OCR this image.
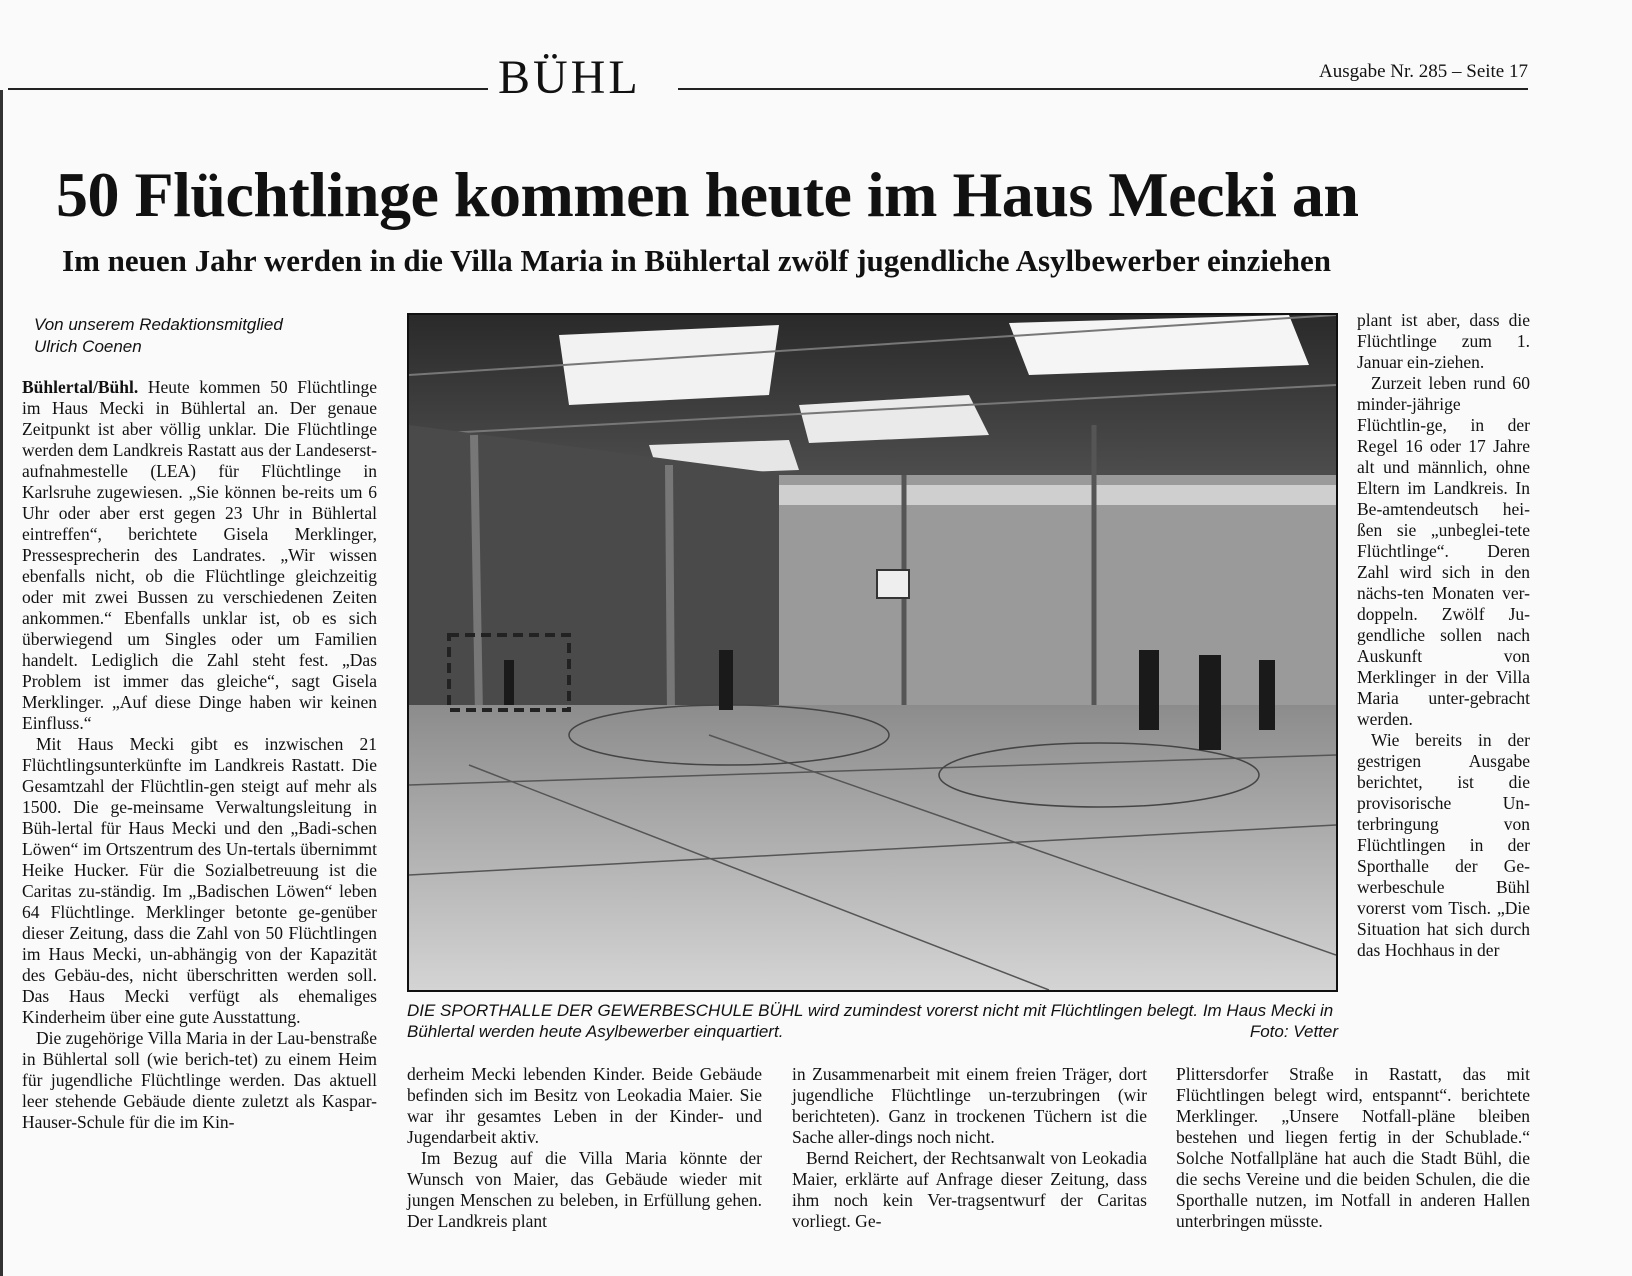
BÜHL	Ausgabe Nr. 285 – Seite 17
50 Flüchtlinge kommen heute im Haus Mecki an
Im neuen Jahr werden in die Villa Maria in Bühlertal zwölf jugendliche Asylbewerber einziehen
Von unserem Redaktionsmitglied
Ulrich Coenen

Bühlertal/Bühl. Heute kommen 50 Flüchtlinge im Haus Mecki in Bühlertal an. Der genaue Zeitpunkt ist aber völlig unklar. Die Flüchtlinge werden dem Landkreis Rastatt aus der Landeserst-aufnahmestelle (LEA) für Flüchtlinge in Karlsruhe zugewiesen. „Sie können be-reits um 6 Uhr oder aber erst gegen 23 Uhr in Bühlertal eintreffen“, berichtete Gisela Merklinger, Pressesprecherin des Landrates. „Wir wissen ebenfalls nicht, ob die Flüchtlinge gleichzeitig oder mit zwei Bussen zu verschiedenen Zeiten ankommen.“ Ebenfalls unklar ist, ob es sich überwiegend um Singles oder um Familien handelt. Lediglich die Zahl steht fest. „Das Problem ist immer das gleiche“, sagt Gisela Merklinger. „Auf diese Dinge haben wir keinen Einfluss.“

Mit Haus Mecki gibt es inzwischen 21 Flüchtlingsunterkünfte im Landkreis Rastatt. Die Gesamtzahl der Flüchtlin-gen steigt auf mehr als 1500. Die ge-meinsame Verwaltungsleitung in Büh-lertal für Haus Mecki und den „Badi-schen Löwen“ im Ortszentrum des Un-tertals übernimmt Heike Hucker. Für die Sozialbetreuung ist die Caritas zu-ständig. Im „Badischen Löwen“ leben 64 Flüchtlinge. Merklinger betonte ge-genüber dieser Zeitung, dass die Zahl von 50 Flüchtlingen im Haus Mecki, un-abhängig von der Kapazität des Gebäu-des, nicht überschritten werden soll. Das Haus Mecki verfügt als ehemaliges Kinderheim über eine gute Ausstattung.

Die zugehörige Villa Maria in der Lau-benstraße in Bühlertal soll (wie berich-tet) zu einem Heim für jugendliche Flüchtlinge werden. Das aktuell leer stehende Gebäude diente zuletzt als Kaspar-Hauser-Schule für die im Kin-

DIE SPORTHALLE DER GEWERBESCHULE BÜHL wird zumindest vorerst nicht mit Flüchtlingen belegt. Im Haus Mecki in Bühlertal werden heute Asylbewerber einquartiert.	Foto: Vetter

plant ist aber, dass die Flüchtlinge zum 1. Januar ein-ziehen.

Zurzeit leben rund 60 minder-jährige Flüchtlin-ge, in der Regel 16 oder 17 Jahre alt und männlich, ohne Eltern im Landkreis. In Be-amtendeutsch hei-ßen sie „unbeglei-tete Flüchtlinge“. Deren Zahl wird sich in den nächs-ten Monaten ver-doppeln. Zwölf Ju-gendliche sollen nach Auskunft von Merklinger in der Villa Maria unter-gebracht werden.

Wie bereits in der gestrigen Ausgabe berichtet, ist die provisorische Un-terbringung von Flüchtlingen in der Sporthalle der Ge-werbeschule Bühl vorerst vom Tisch. „Die Situation hat sich durch das Hochhaus in der

derheim Mecki lebenden Kinder. Beide Gebäude befinden sich im Besitz von Leokadia Maier. Sie war ihr gesamtes Leben in der Kinder- und Jugendarbeit aktiv.

Im Bezug auf die Villa Maria könnte der Wunsch von Maier, das Gebäude wieder mit jungen Menschen zu beleben, in Erfüllung gehen. Der Landkreis plant

in Zusammenarbeit mit einem freien Träger, dort jugendliche Flüchtlinge un-terzubringen (wir berichteten). Ganz in trockenen Tüchern ist die Sache aller-dings noch nicht.

Bernd Reichert, der Rechtsanwalt von Leokadia Maier, erklärte auf Anfrage dieser Zeitung, dass ihm noch kein Ver-tragsentwurf der Caritas vorliegt. Ge-

Plittersdorfer Straße in Rastatt, das mit Flüchtlingen belegt wird, entspannt“. berichtete Merklinger. „Unsere Notfall-pläne bleiben bestehen und liegen fertig in der Schublade.“ Solche Notfallpläne hat auch die Stadt Bühl, die die sechs Vereine und die beiden Schulen, die die Sporthalle nutzen, im Notfall in anderen Hallen unterbringen müsste.
